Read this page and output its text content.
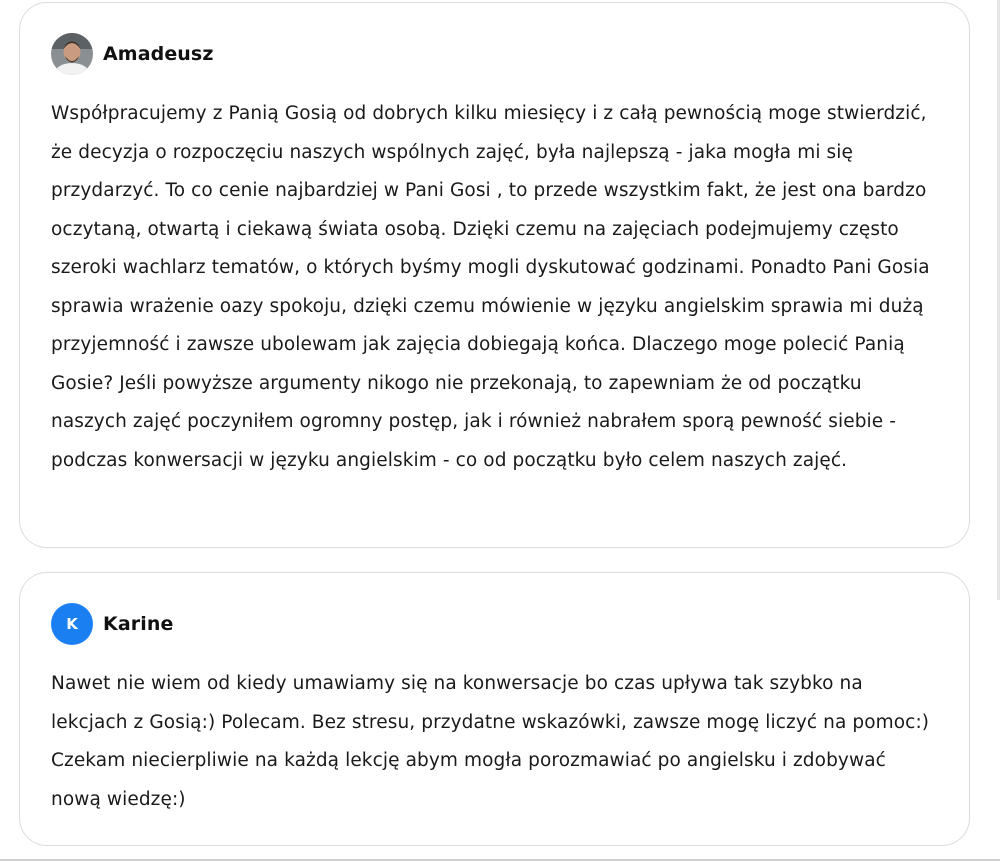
Amadeusz

Współpracujemy z Panią Gosią od dobrych kilku miesięcy i z całą pewnością moge stwierdzić, że decyzja o rozpoczęciu naszych wspólnych zajęć, była najlepszą - jaka mogła mi się przydarzyć. To co cenie najbardziej w Pani Gosi , to przede wszystkim fakt, że jest ona bardzo oczytaną, otwartą i ciekawą świata osobą. Dzięki czemu na zajęciach podejmujemy często szeroki wachlarz tematów, o których byśmy mogli dyskutować godzinami. Ponadto Pani Gosia sprawia wrażenie oazy spokoju, dzięki czemu mówienie w języku angielskim sprawia mi dużą przyjemność i zawsze ubolewam jak zajęcia dobiegają końca. Dlaczego moge polecić Panią Gosie? Jeśli powyższe argumenty nikogo nie przekonają, to zapewniam że od początku naszych zajęć poczyniłem ogromny postęp, jak i również nabrałem sporą pewność siebie - podczas konwersacji w języku angielskim - co od początku było celem naszych zajęć.

K	Karine

Nawet nie wiem od kiedy umawiamy się na konwersacje bo czas upływa tak szybko na lekcjach z Gosią:) Polecam. Bez stresu, przydatne wskazówki, zawsze mogę liczyć na pomoc:) Czekam niecierpliwie na każdą lekcję abym mogła porozmawiać po angielsku i zdobywać nową wiedzę:)
